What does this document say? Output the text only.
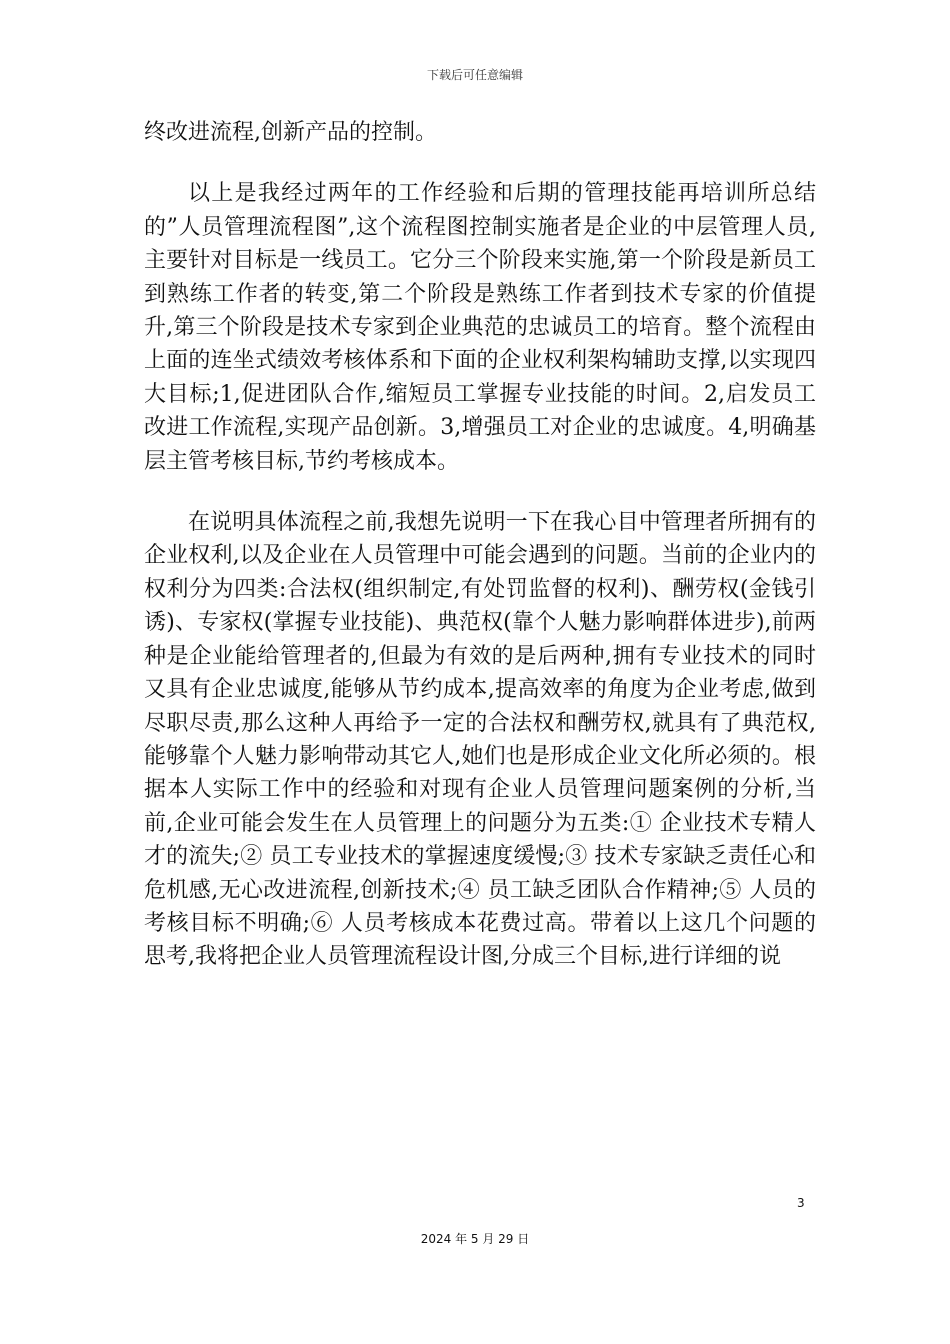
下载后可任意编辑

终改进流程,创新产品的控制。

以上是我经过两年的工作经验和后期的管理技能再培训所总结的”人员管理流程图”,这个流程图控制实施者是企业的中层管理人员,主要针对目标是一线员工。它分三个阶段来实施,第一个阶段是新员工到熟练工作者的转变,第二个阶段是熟练工作者到技术专家的价值提升,第三个阶段是技术专家到企业典范的忠诚员工的培育。整个流程由上面的连坐式绩效考核体系和下面的企业权利架构辅助支撑,以实现四大目标;1,促进团队合作,缩短员工掌握专业技能的时间。2,启发员工改进工作流程,实现产品创新。3,增强员工对企业的忠诚度。4,明确基层主管考核目标,节约考核成本。

在说明具体流程之前,我想先说明一下在我心目中管理者所拥有的企业权利,以及企业在人员管理中可能会遇到的问题。当前的企业内的权利分为四类:合法权(组织制定,有处罚监督的权利)、酬劳权(金钱引诱)、专家权(掌握专业技能)、典范权(靠个人魅力影响群体进步),前两种是企业能给管理者的,但最为有效的是后两种,拥有专业技术的同时又具有企业忠诚度,能够从节约成本,提高效率的角度为企业考虑,做到尽职尽责,那么这种人再给予一定的合法权和酬劳权,就具有了典范权,能够靠个人魅力影响带动其它人,她们也是形成企业文化所必须的。根据本人实际工作中的经验和对现有企业人员管理问题案例的分析,当前,企业可能会发生在人员管理上的问题分为五类:① 企业技术专精人才的流失;② 员工专业技术的掌握速度缓慢;③ 技术专家缺乏责任心和危机感,无心改进流程,创新技术;④ 员工缺乏团队合作精神;⑤ 人员的考核目标不明确;⑥ 人员考核成本花费过高。带着以上这几个问题的思考,我将把企业人员管理流程设计图,分成三个目标,进行详细的说

3
2024 年 5 月 29 日
